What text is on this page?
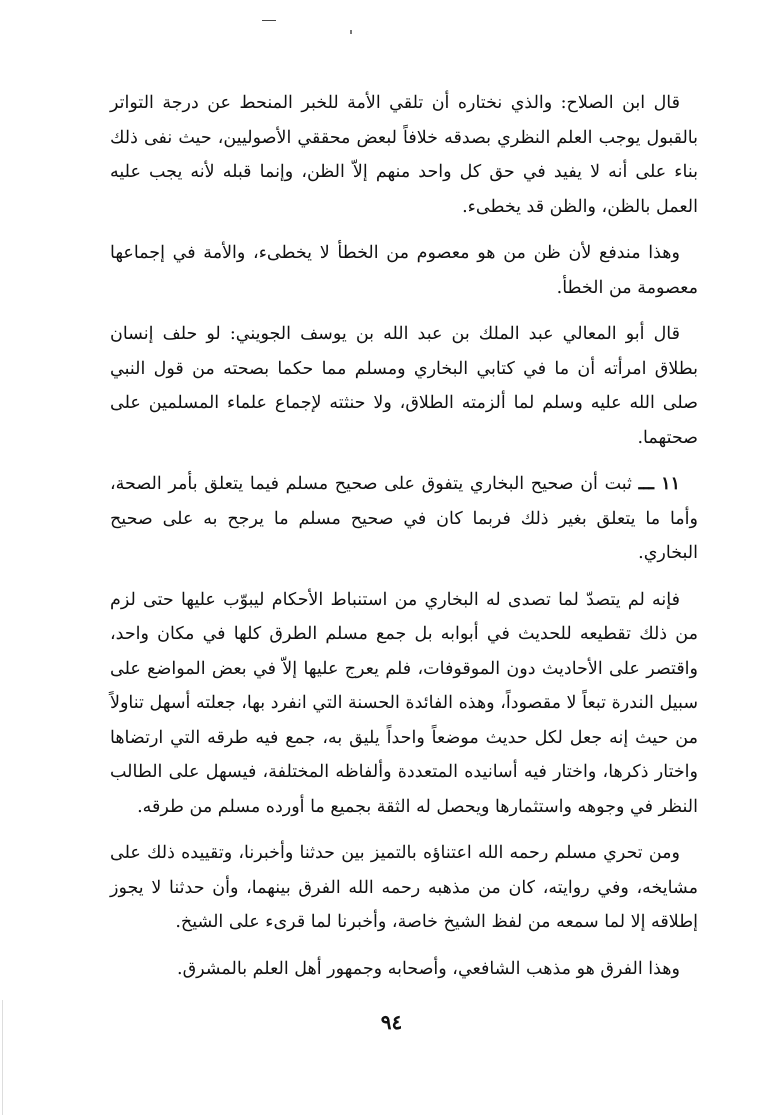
قال ابن الصلاح: والذي نختاره أن تلقي الأمة للخبر المنحط عن درجة التواتر بالقبول يوجب العلم النظري بصدقه خلافاً لبعض محققي الأصوليين، حيث نفى ذلك بناء على أنه لا يفيد في حق كل واحد منهم إلاّ الظن، وإنما قبله لأنه يجب عليه العمل بالظن، والظن قد يخطىء.

وهذا مندفع لأن ظن من هو معصوم من الخطأ لا يخطىء، والأمة في إجماعها معصومة من الخطأ.

قال أبو المعالي عبد الملك بن عبد الله بن يوسف الجويني: لو حلف إنسان بطلاق امرأته أن ما في كتابي البخاري ومسلم مما حكما بصحته من قول النبي صلى الله عليه وسلم لما ألزمته الطلاق، ولا حنثته لإجماع علماء المسلمين على صحتهما.

١١ ـــ ثبت أن صحيح البخاري يتفوق على صحيح مسلم فيما يتعلق بأمر الصحة، وأما ما يتعلق بغير ذلك فربما كان في صحيح مسلم ما يرجح به على صحيح البخاري.

فإنه لم يتصدّ لما تصدى له البخاري من استنباط الأحكام ليبوّب عليها حتى لزم من ذلك تقطيعه للحديث في أبوابه بل جمع مسلم الطرق كلها في مكان واحد، واقتصر على الأحاديث دون الموقوفات، فلم يعرج عليها إلاّ في بعض المواضع على سبيل الندرة تبعاً لا مقصوداً، وهذه الفائدة الحسنة التي انفرد بها، جعلته أسهل تناولاً من حيث إنه جعل لكل حديث موضعاً واحداً يليق به، جمع فيه طرقه التي ارتضاها واختار ذكرها، واختار فيه أسانيده المتعددة وألفاظه المختلفة، فيسهل على الطالب النظر في وجوهه واستثمارها ويحصل له الثقة بجميع ما أورده مسلم من طرقه.

ومن تحري مسلم رحمه الله اعتناؤه بالتميز بين حدثنا وأخبرنا، وتقييده ذلك على مشايخه، وفي روايته، كان من مذهبه رحمه الله الفرق بينهما، وأن حدثنا لا يجوز إطلاقه إلا لما سمعه من لفظ الشيخ خاصة، وأخبرنا لما قرىء على الشيخ.

وهذا الفرق هو مذهب الشافعي، وأصحابه وجمهور أهل العلم بالمشرق.

٩٤
